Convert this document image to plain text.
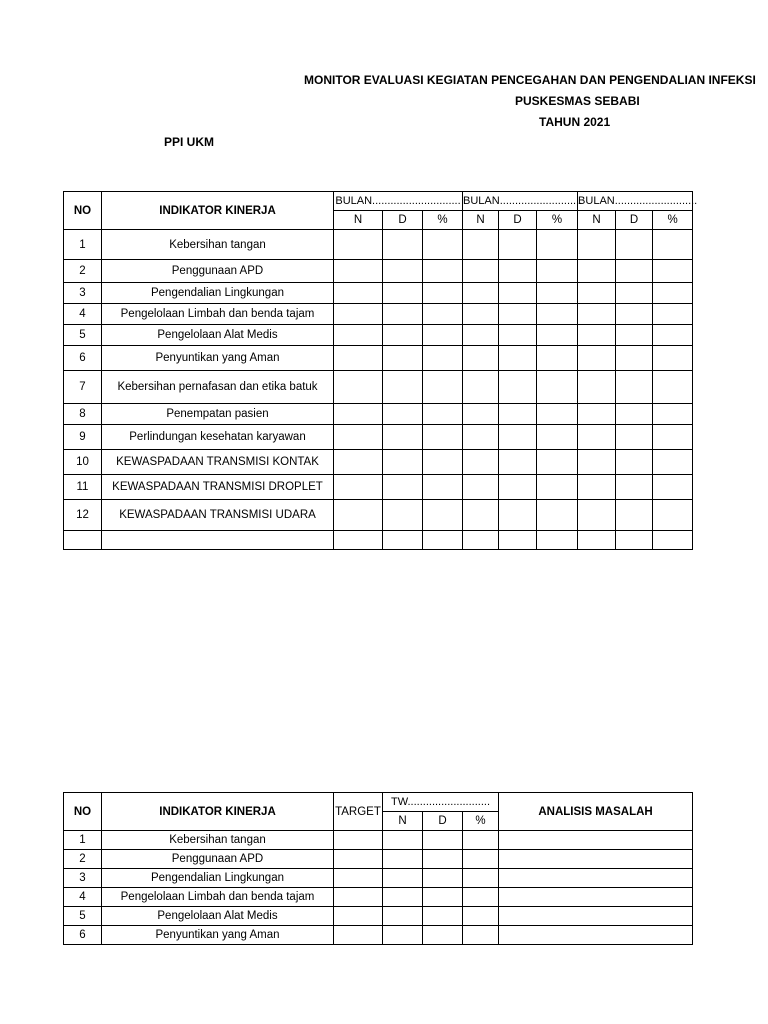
MONITOR EVALUASI KEGIATAN PENCEGAHAN DAN PENGENDALIAN INFEKSI
PUSKESMAS SEBABI
TAHUN 2021
PPI UKM
NO	INDIKATOR KINERJA	BULAN.............................			BULAN...........................			BULAN...........................		
		N	D	%	N	D	%	N	D	%
1	Kebersihan tangan									
2	Penggunaan APD									
3	Pengendalian Lingkungan									
4	Pengelolaan Limbah dan benda tajam									
5	Pengelolaan Alat Medis									
6	Penyuntikan yang Aman									
7	Kebersihan pernafasan dan etika batuk									
8	Penempatan pasien									
9	Perlindungan kesehatan karyawan									
10	KEWASPADAAN TRANSMISI KONTAK									
11	KEWASPADAAN TRANSMISI DROPLET									
12	KEWASPADAAN TRANSMISI UDARA									

NO	INDIKATOR KINERJA	TARGET	TW...........................			ANALISIS MASALAH
			N	D	%	
1	Kebersihan tangan					
2	Penggunaan APD					
3	Pengendalian Lingkungan					
4	Pengelolaan Limbah dan benda tajam					
5	Pengelolaan Alat Medis					
6	Penyuntikan yang Aman					
